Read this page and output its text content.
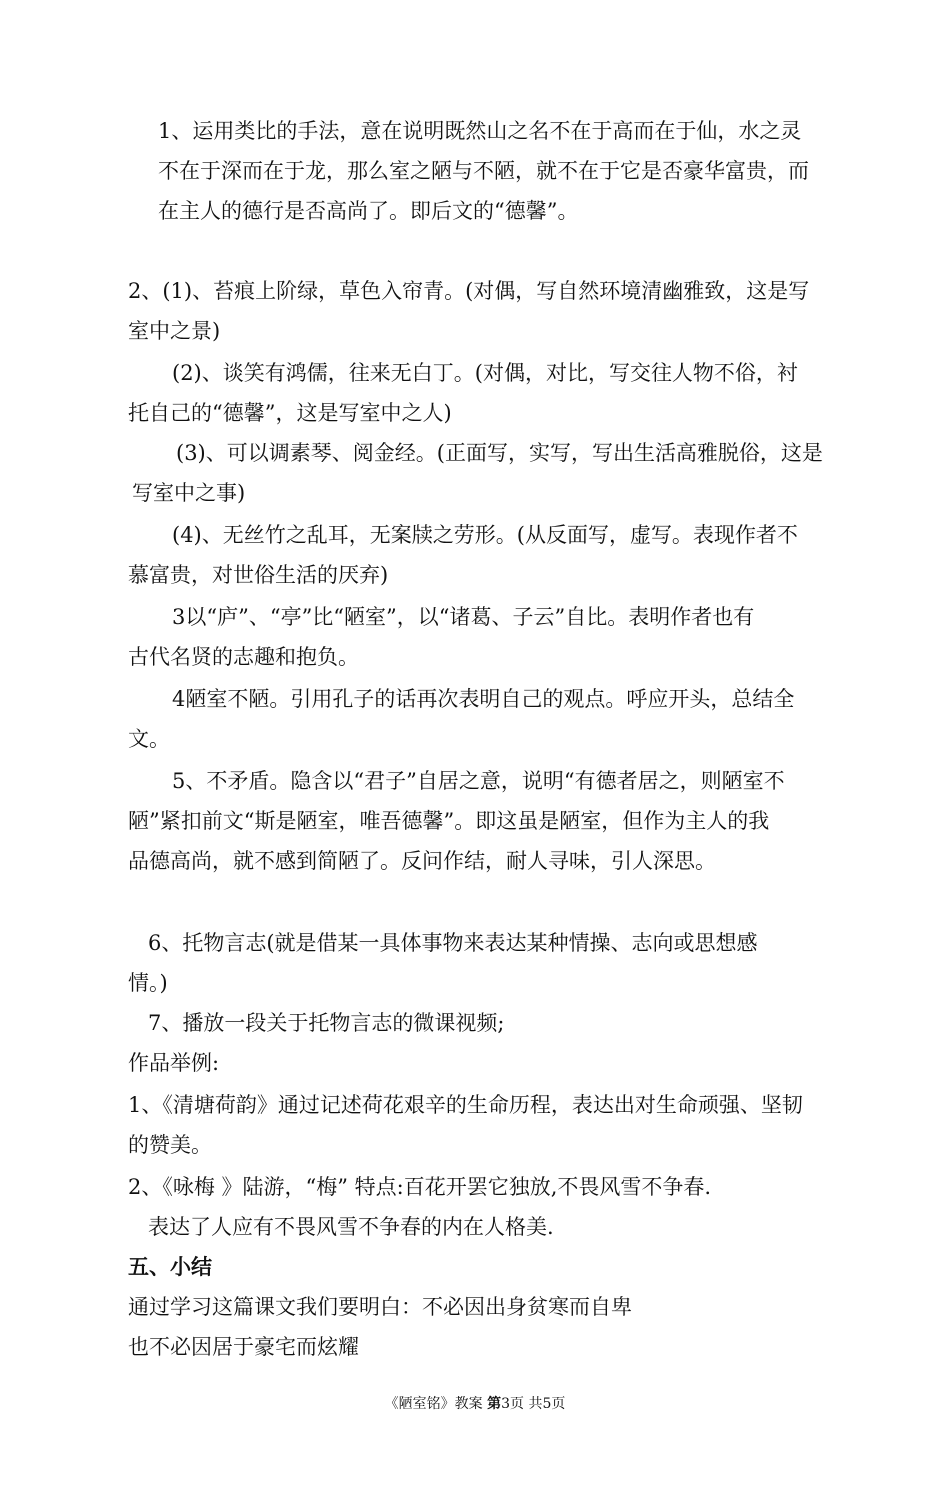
1、运用类比的手法，意在说明既然山之名不在于高而在于仙，水之灵
不在于深而在于龙，那么室之陋与不陋，就不在于它是否豪华富贵，而
在主人的德行是否高尚了。即后文的“德馨”。
2、(1)、苔痕上阶绿，草色入帘青。(对偶，写自然环境清幽雅致，这是写
室中之景)
(2)、谈笑有鸿儒，往来无白丁。(对偶，对比，写交往人物不俗，衬
托自己的“德馨”，这是写室中之人)
(3)、可以调素琴、阅金经。(正面写，实写，写出生活高雅脱俗，这是
写室中之事)
(4)、无丝竹之乱耳，无案牍之劳形。(从反面写，虚写。表现作者不
慕富贵，对世俗生活的厌弃)
3以“庐”、“亭”比“陋室”，以“诸葛、子云”自比。表明作者也有
古代名贤的志趣和抱负。
4陋室不陋。引用孔子的话再次表明自己的观点。呼应开头，总结全
文。
5、不矛盾。隐含以“君子”自居之意，说明“有德者居之，则陋室不
陋”紧扣前文“斯是陋室，唯吾德馨”。即这虽是陋室，但作为主人的我
品德高尚，就不感到简陋了。反问作结，耐人寻味，引人深思。
6、托物言志(就是借某一具体事物来表达某种情操、志向或思想感
情。)
7、播放一段关于托物言志的微课视频;
作品举例:
1、《清塘荷韵》通过记述荷花艰辛的生命历程，表达出对生命顽强、坚韧
的赞美。
2、《咏梅 》陆游，“梅” 特点:百花开罢它独放,不畏风雪不争春.
表达了人应有不畏风雪不争春的内在人格美.
五、小结
通过学习这篇课文我们要明白：不必因出身贫寒而自卑
也不必因居于豪宅而炫耀
《陋室铭》教案 第3页 共5页
